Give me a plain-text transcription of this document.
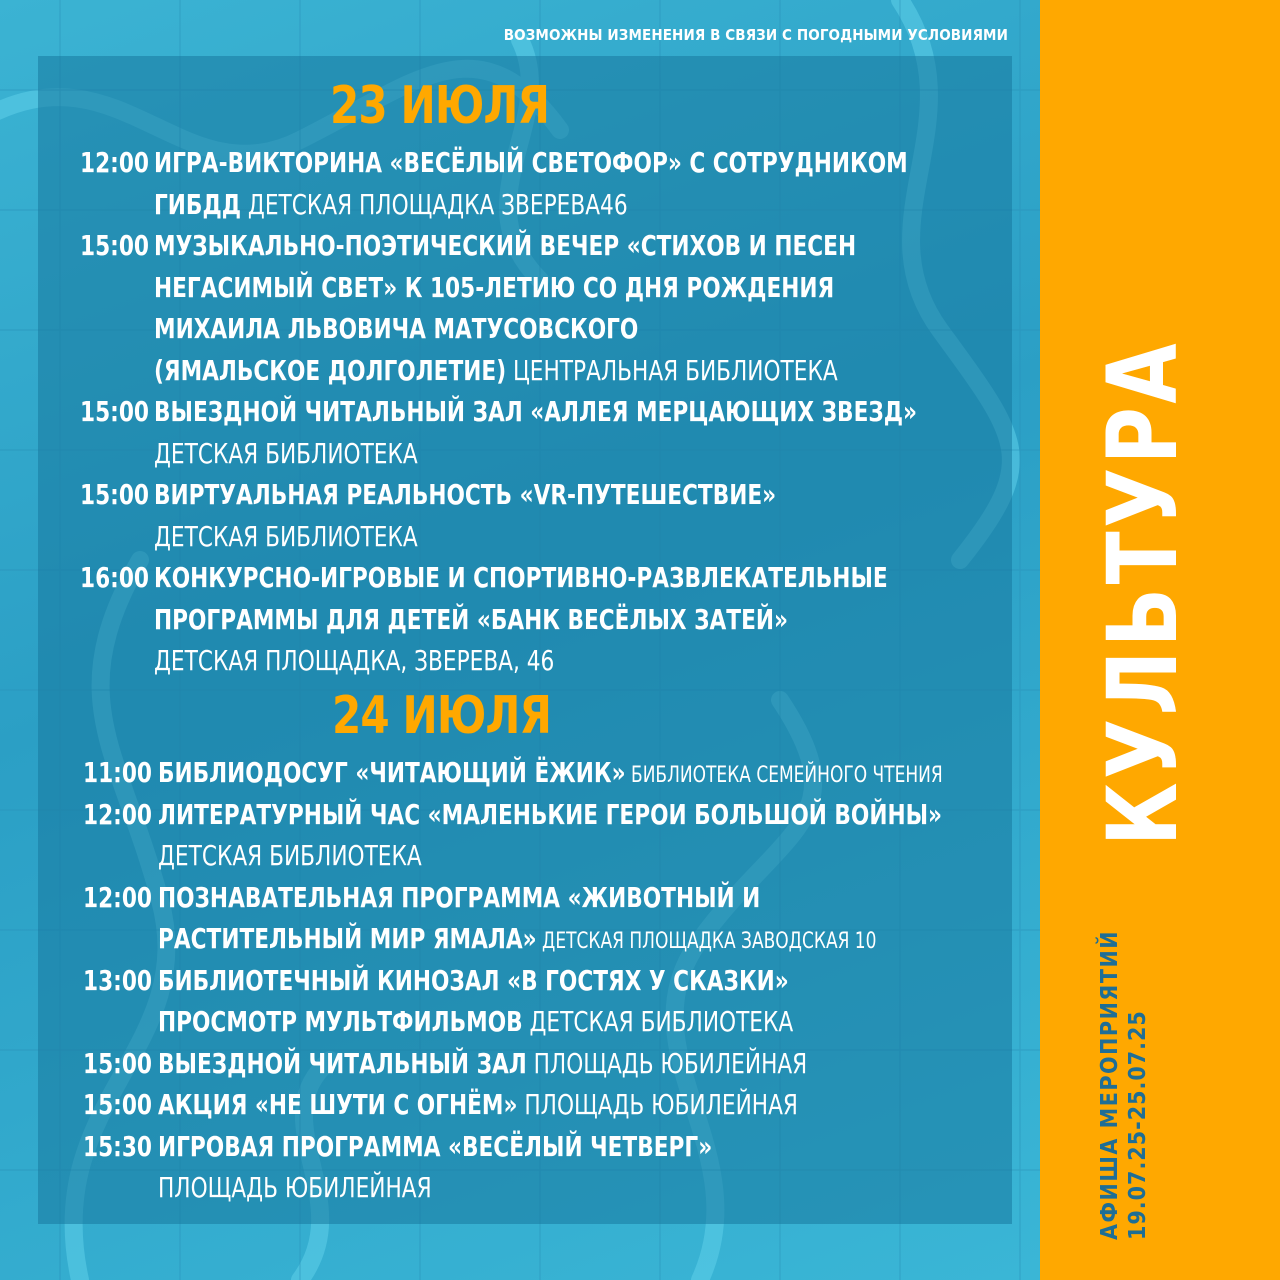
ВОЗМОЖНЫ ИЗМЕНЕНИЯ В СВЯЗИ С ПОГОДНЫМИ УСЛОВИЯМИ
23 ИЮЛЯ
24 ИЮЛЯ
12:00 ИГРА-ВИКТОРИНА «ВЕСЁЛЫЙ СВЕТОФОР» С СОТРУДНИКОМ
ГИБДД ДЕТСКАЯ ПЛОЩАДКА ЗВЕРЕВА46
15:00 МУЗЫКАЛЬНО-ПОЭТИЧЕСКИЙ ВЕЧЕР «СТИХОВ И ПЕСЕН
НЕГАСИМЫЙ СВЕТ» К 105-ЛЕТИЮ СО ДНЯ РОЖДЕНИЯ
МИХАИЛА ЛЬВОВИЧА МАТУСОВСКОГО
(ЯМАЛЬСКОЕ ДОЛГОЛЕТИЕ) ЦЕНТРАЛЬНАЯ БИБЛИОТЕКА
15:00 ВЫЕЗДНОЙ ЧИТАЛЬНЫЙ ЗАЛ «АЛЛЕЯ МЕРЦАЮЩИХ ЗВЕЗД»
ДЕТСКАЯ БИБЛИОТЕКА
15:00 ВИРТУАЛЬНАЯ РЕАЛЬНОСТЬ «VR-ПУТЕШЕСТВИЕ»
ДЕТСКАЯ БИБЛИОТЕКА
16:00 КОНКУРСНО-ИГРОВЫЕ И СПОРТИВНО-РАЗВЛЕКАТЕЛЬНЫЕ
ПРОГРАММЫ ДЛЯ ДЕТЕЙ «БАНК ВЕСЁЛЫХ ЗАТЕЙ»
ДЕТСКАЯ ПЛОЩАДКА, ЗВЕРЕВА, 46
11:00 БИБЛИОДОСУГ «ЧИТАЮЩИЙ ЁЖИК» БИБЛИОТЕКА СЕМЕЙНОГО ЧТЕНИЯ
12:00 ЛИТЕРАТУРНЫЙ ЧАС «МАЛЕНЬКИЕ ГЕРОИ БОЛЬШОЙ ВОЙНЫ»
ДЕТСКАЯ БИБЛИОТЕКА
12:00 ПОЗНАВАТЕЛЬНАЯ ПРОГРАММА «ЖИВОТНЫЙ И
РАСТИТЕЛЬНЫЙ МИР ЯМАЛА» ДЕТСКАЯ ПЛОЩАДКА ЗАВОДСКАЯ 10
13:00 БИБЛИОТЕЧНЫЙ КИНОЗАЛ «В ГОСТЯХ У СКАЗКИ»
ПРОСМОТР МУЛЬТФИЛЬМОВ ДЕТСКАЯ БИБЛИОТЕКА
15:00 ВЫЕЗДНОЙ ЧИТАЛЬНЫЙ ЗАЛ ПЛОЩАДЬ ЮБИЛЕЙНАЯ
15:00 АКЦИЯ «НЕ ШУТИ С ОГНЁМ» ПЛОЩАДЬ ЮБИЛЕЙНАЯ
15:30 ИГРОВАЯ ПРОГРАММА «ВЕСЁЛЫЙ ЧЕТВЕРГ»
ПЛОЩАДЬ ЮБИЛЕЙНАЯ
КУЛЬТУРА
АФИША МЕРОПРИЯТИЙ 19.07.25-25.07.25
